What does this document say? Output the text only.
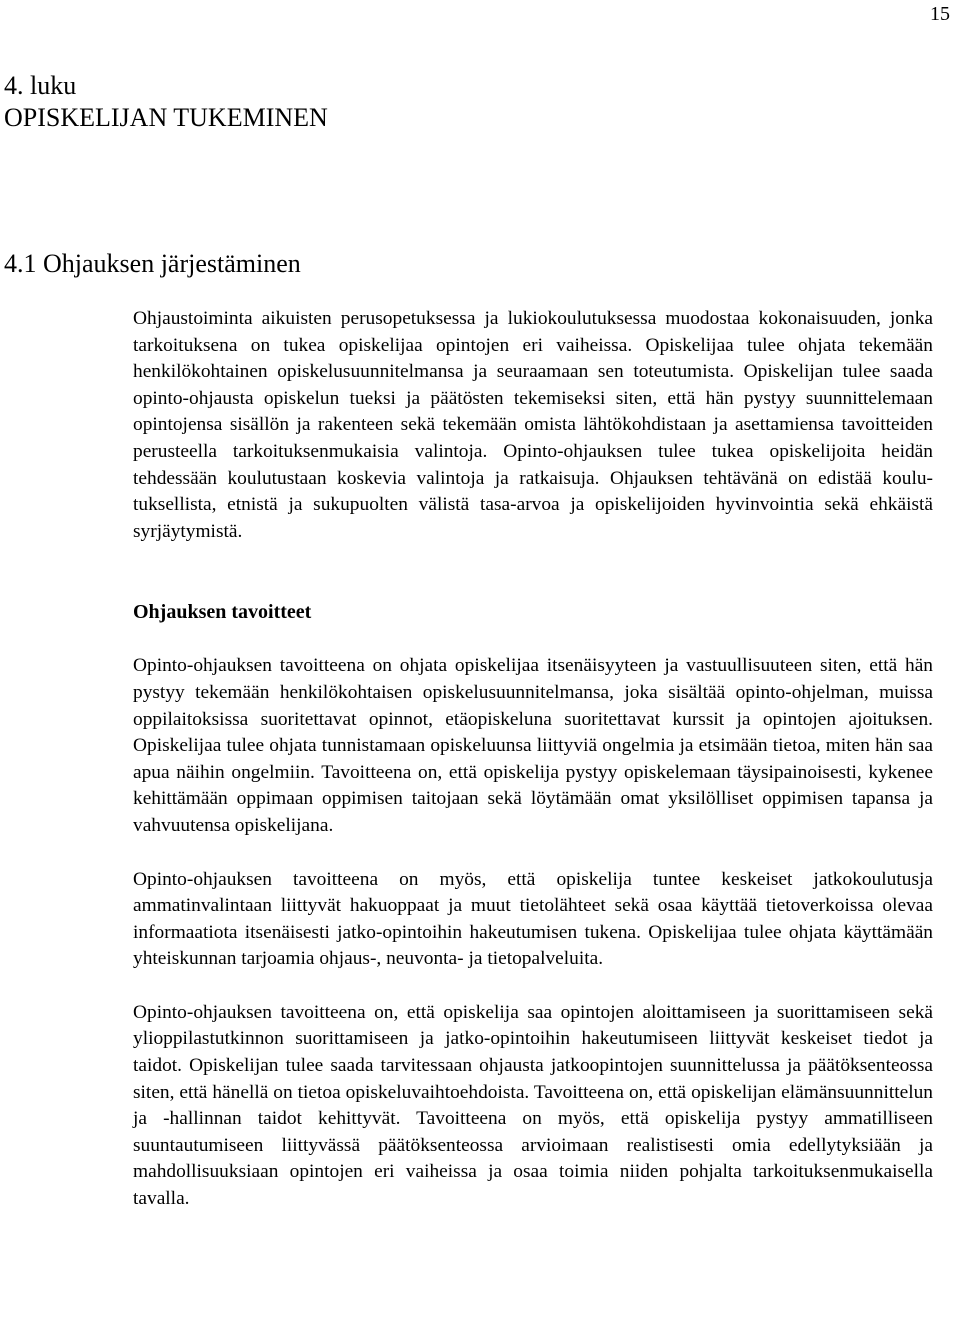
15
4. luku
OPISKELIJAN TUKEMINEN
4.1 Ohjauksen järjestäminen

Ohjaustoiminta aikuisten perusopetuksessa ja lukiokoulutuksessa muodostaa kokonaisuuden, jonka tarkoituksena on tukea opiskelijaa opintojen eri vaiheissa. Opiskelijaa tulee ohjata tekemään henkilökohtainen opiskelusuunnitelmansa ja seuraamaan sen toteutumista. Opiskelijan tulee saada opinto-ohjausta opiskelun tueksi ja päätösten tekemiseksi siten, että hän pystyy suunnittelemaan opintojensa sisällön ja rakenteen sekä tekemään omista lähtökohdistaan ja asettamiensa tavoitteiden perusteella tarkoituksenmukaisia valintoja. Opinto-ohjauksen tulee tukea opiskelijoita heidän tehdessään koulutustaan koskevia valintoja ja ratkaisuja. Ohjauksen tehtävänä on edistää koulutuksellista, etnistä ja sukupuolten välistä tasa-arvoa ja opiskelijoiden hyvinvointia sekä ehkäistä syrjäytymistä.

Ohjauksen tavoitteet

Opinto-ohjauksen tavoitteena on ohjata opiskelijaa itsenäisyyteen ja vastuullisuuteen siten, että hän pystyy tekemään henkilökohtaisen opiskelusuunnitelmansa, joka sisältää opinto-ohjelman, muissa oppilaitoksissa suoritettavat opinnot, etäopiskeluna suoritettavat kurssit ja opintojen ajoituksen. Opiskelijaa tulee ohjata tunnistamaan opiskeluunsa liittyviä ongelmia ja etsimään tietoa, miten hän saa apua näihin ongelmiin. Tavoitteena on, että opiskelija pystyy opiskelemaan täysipainoisesti, kykenee kehittämään oppimaan oppimisen taitojaan sekä löytämään omat yksilölliset oppimisen tapansa ja vahvuutensa opiskelijana.

Opinto-ohjauksen tavoitteena on myös, että opiskelija tuntee keskeiset jatkokoulutusja ammatinvalintaan liittyvät hakuoppaat ja muut tietolähteet sekä osaa käyttää tietoverkoissa olevaa informaatiota itsenäisesti jatko-opintoihin hakeutumisen tukena. Opiskelijaa tulee ohjata käyttämään yhteiskunnan tarjoamia ohjaus-, neuvonta- ja tietopalveluita.

Opinto-ohjauksen tavoitteena on, että opiskelija saa opintojen aloittamiseen ja suorittamiseen sekä ylioppilastutkinnon suorittamiseen ja jatko-opintoihin hakeutumiseen liittyvät keskeiset tiedot ja taidot. Opiskelijan tulee saada tarvitessaan ohjausta jatkoopintojen suunnittelussa ja päätöksenteossa siten, että hänellä on tietoa opiskeluvaihtoehdoista. Tavoitteena on, että opiskelijan elämänsuunnittelun ja -hallinnan taidot kehittyvät. Tavoitteena on myös, että opiskelija pystyy ammatilliseen suuntautumiseen liittyvässä päätöksenteossa arvioimaan realistisesti omia edellytyksiään ja mahdollisuuksiaan opintojen eri vaiheissa ja osaa toimia niiden pohjalta tarkoituksenmukaisella tavalla.
